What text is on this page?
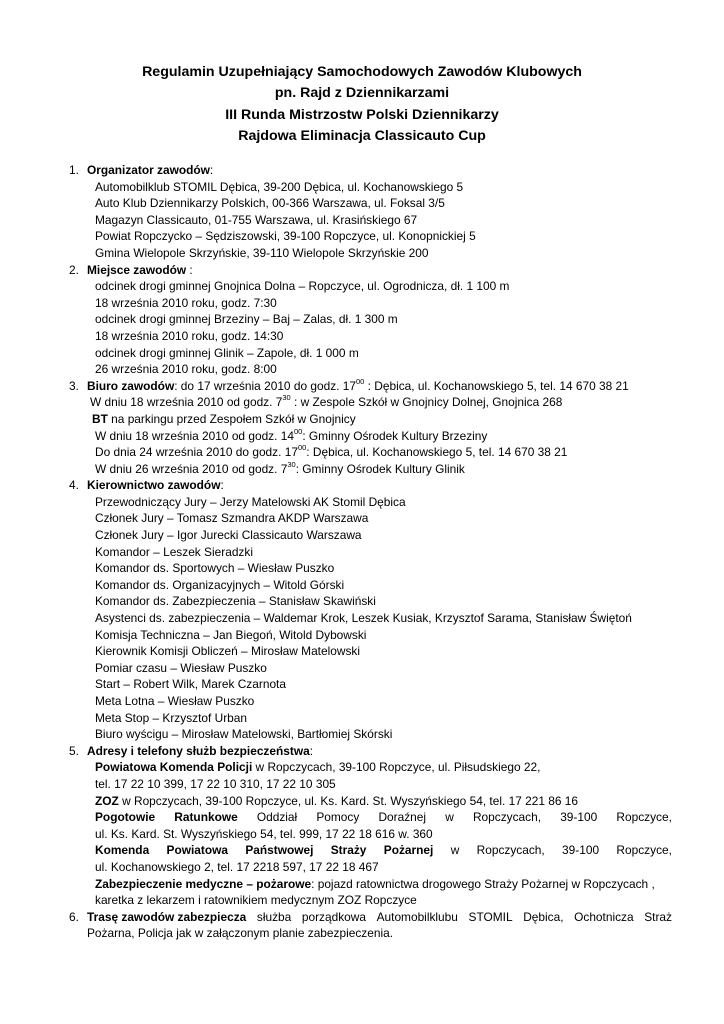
Regulamin Uzupełniający Samochodowych Zawodów Klubowych
pn. Rajd z Dziennikarzami
III Runda Mistrzostw Polski Dziennikarzy
Rajdowa Eliminacja Classicauto Cup
1. Organizator zawodów:
Automobilklub STOMIL Dębica, 39-200 Dębica, ul. Kochanowskiego 5
Auto Klub Dziennikarzy Polskich, 00-366 Warszawa, ul. Foksal 3/5
Magazyn Classicauto, 01-755 Warszawa, ul. Krasińskiego 67
Powiat Ropczycko – Sędziszowski, 39-100 Ropczyce, ul. Konopnickiej 5
Gmina Wielopole Skrzyńskie, 39-110 Wielopole Skrzyńskie 200
2. Miejsce zawodów :
odcinek drogi gminnej Gnojnica Dolna – Ropczyce, ul. Ogrodnicza, dł. 1 100 m
18 września 2010 roku, godz. 7:30
odcinek drogi gminnej Brzeziny – Baj – Zalas, dł. 1 300 m
18 września 2010 roku, godz. 14:30
odcinek drogi gminnej Glinik – Zapole, dł. 1 000 m
26 września 2010 roku, godz. 8:00
3. Biuro zawodów: do 17 września 2010 do godz. $17^{00}$ : Dębica, ul. Kochanowskiego 5, tel. 14 670 38 21
W dniu 18 września 2010 od godz. $7^{30}$ : w Zespole Szkół w Gnojnicy Dolnej, Gnojnica 268
BT na parkingu przed Zespołem Szkół w Gnojnicy
W dniu 18 września 2010 od godz. $14^{00}$: Gminny Ośrodek Kultury Brzeziny
Do dnia 24 września 2010 do godz. $17^{00}$: Dębica, ul. Kochanowskiego 5, tel. 14 670 38 21
W dniu 26 września 2010 od godz. $7^{30}$: Gminny Ośrodek Kultury Glinik
4. Kierownictwo zawodów:
Przewodniczący Jury – Jerzy Matelowski AK Stomil Dębica
Członek Jury – Tomasz Szmandra AKDP Warszawa
Członek Jury – Igor Jurecki Classicauto Warszawa
Komandor – Leszek Sieradzki
Komandor ds. Sportowych – Wiesław Puszko
Komandor ds. Organizacyjnych – Witold Górski
Komandor ds. Zabezpieczenia – Stanisław Skawiński
Asystenci ds. zabezpieczenia – Waldemar Krok, Leszek Kusiak, Krzysztof Sarama, Stanisław Świętoń
Komisja Techniczna – Jan Biegoń, Witold Dybowski
Kierownik Komisji Obliczeń – Mirosław Matelowski
Pomiar czasu – Wiesław Puszko
Start – Robert Wilk, Marek Czarnota
Meta Lotna – Wiesław Puszko
Meta Stop – Krzysztof Urban
Biuro wyścigu – Mirosław Matelowski, Bartłomiej Skórski
5. Adresy i telefony służb bezpieczeństwa:
Powiatowa Komenda Policji w Ropczycach, 39-100 Ropczyce, ul. Piłsudskiego 22,
tel. 17 22 10 399, 17 22 10 310, 17 22 10 305
ZOZ w Ropczycach, 39-100 Ropczyce, ul. Ks. Kard. St. Wyszyńskiego 54, tel. 17 221 86 16
Pogotowie Ratunkowe Oddział Pomocy Doraźnej w Ropczycach, 39-100 Ropczyce,
ul. Ks. Kard. St. Wyszyńskiego 54, tel. 999, 17 22 18 616 w. 360
Komenda Powiatowa Państwowej Straży Pożarnej w Ropczycach, 39-100 Ropczyce,
ul. Kochanowskiego 2, tel. 17 2218 597, 17 22 18 467
Zabezpieczenie medyczne – pożarowe: pojazd ratownictwa drogowego Straży Pożarnej w Ropczycach ,
karetka z lekarzem i ratownikiem medycznym ZOZ Ropczyce
6. Trasę zawodów zabezpiecza służba porządkowa Automobilklubu STOMIL Dębica, Ochotnicza Straż
Pożarna, Policja jak w załączonym planie zabezpieczenia.
